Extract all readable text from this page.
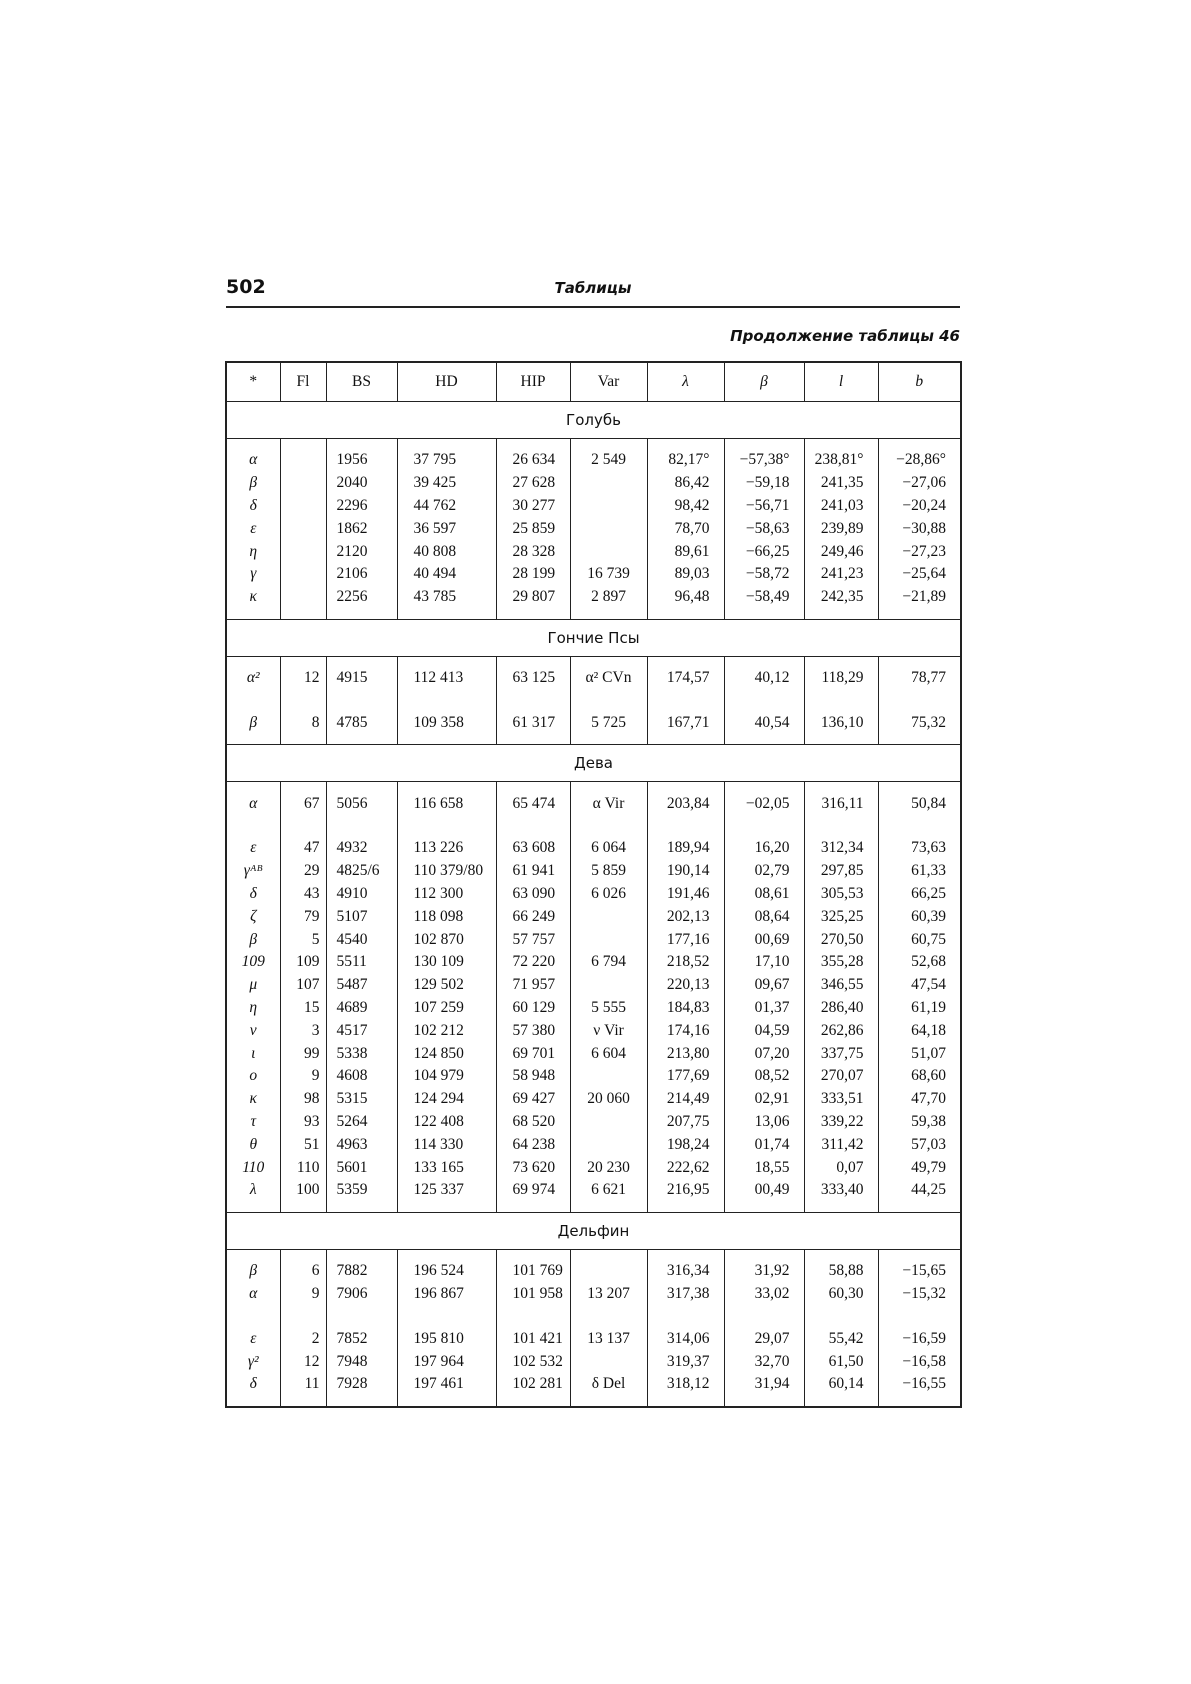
502	Таблицы
Продолжение таблицы 46
*	Fl	BS	HD	HIP	Var	λ	β	l	b
Голубь									

α		1956	37 795	26 634	2 549	82,17°	−57,38°	238,81°	−28,86°
β		2040	39 425	27 628		86,42	−59,18	241,35	−27,06
δ		2296	44 762	30 277		98,42	−56,71	241,03	−20,24
ε		1862	36 597	25 859		78,70	−58,63	239,89	−30,88
η		2120	40 808	28 328		89,61	−66,25	249,46	−27,23
γ		2106	40 494	28 199	16 739	89,03	−58,72	241,23	−25,64
κ		2256	43 785	29 807	2 897	96,48	−58,49	242,35	−21,89

Гончие Псы									

α²	12	4915	112 413	63 125	α² CVn	174,57	40,12	118,29	78,77

β	8	4785	109 358	61 317	5 725	167,71	40,54	136,10	75,32

Дева									

α	67	5056	116 658	65 474	α Vir	203,84	−02,05	316,11	50,84

ε	47	4932	113 226	63 608	6 064	189,94	16,20	312,34	73,63
γᴬᴮ	29	4825/6	110 379/80	61 941	5 859	190,14	02,79	297,85	61,33
δ	43	4910	112 300	63 090	6 026	191,46	08,61	305,53	66,25
ζ	79	5107	118 098	66 249		202,13	08,64	325,25	60,39
β	5	4540	102 870	57 757		177,16	00,69	270,50	60,75
109	109	5511	130 109	72 220	6 794	218,52	17,10	355,28	52,68
μ	107	5487	129 502	71 957		220,13	09,67	346,55	47,54
η	15	4689	107 259	60 129	5 555	184,83	01,37	286,40	61,19
ν	3	4517	102 212	57 380	ν Vir	174,16	04,59	262,86	64,18
ι	99	5338	124 850	69 701	6 604	213,80	07,20	337,75	51,07
ο	9	4608	104 979	58 948		177,69	08,52	270,07	68,60
κ	98	5315	124 294	69 427	20 060	214,49	02,91	333,51	47,70
τ	93	5264	122 408	68 520		207,75	13,06	339,22	59,38
θ	51	4963	114 330	64 238		198,24	01,74	311,42	57,03
110	110	5601	133 165	73 620	20 230	222,62	18,55	0,07	49,79
λ	100	5359	125 337	69 974	6 621	216,95	00,49	333,40	44,25

Дельфин									

β	6	7882	196 524	101 769		316,34	31,92	58,88	−15,65
α	9	7906	196 867	101 958	13 207	317,38	33,02	60,30	−15,32

ε	2	7852	195 810	101 421	13 137	314,06	29,07	55,42	−16,59
γ²	12	7948	197 964	102 532		319,37	32,70	61,50	−16,58
δ	11	7928	197 461	102 281	δ Del	318,12	31,94	60,14	−16,55
